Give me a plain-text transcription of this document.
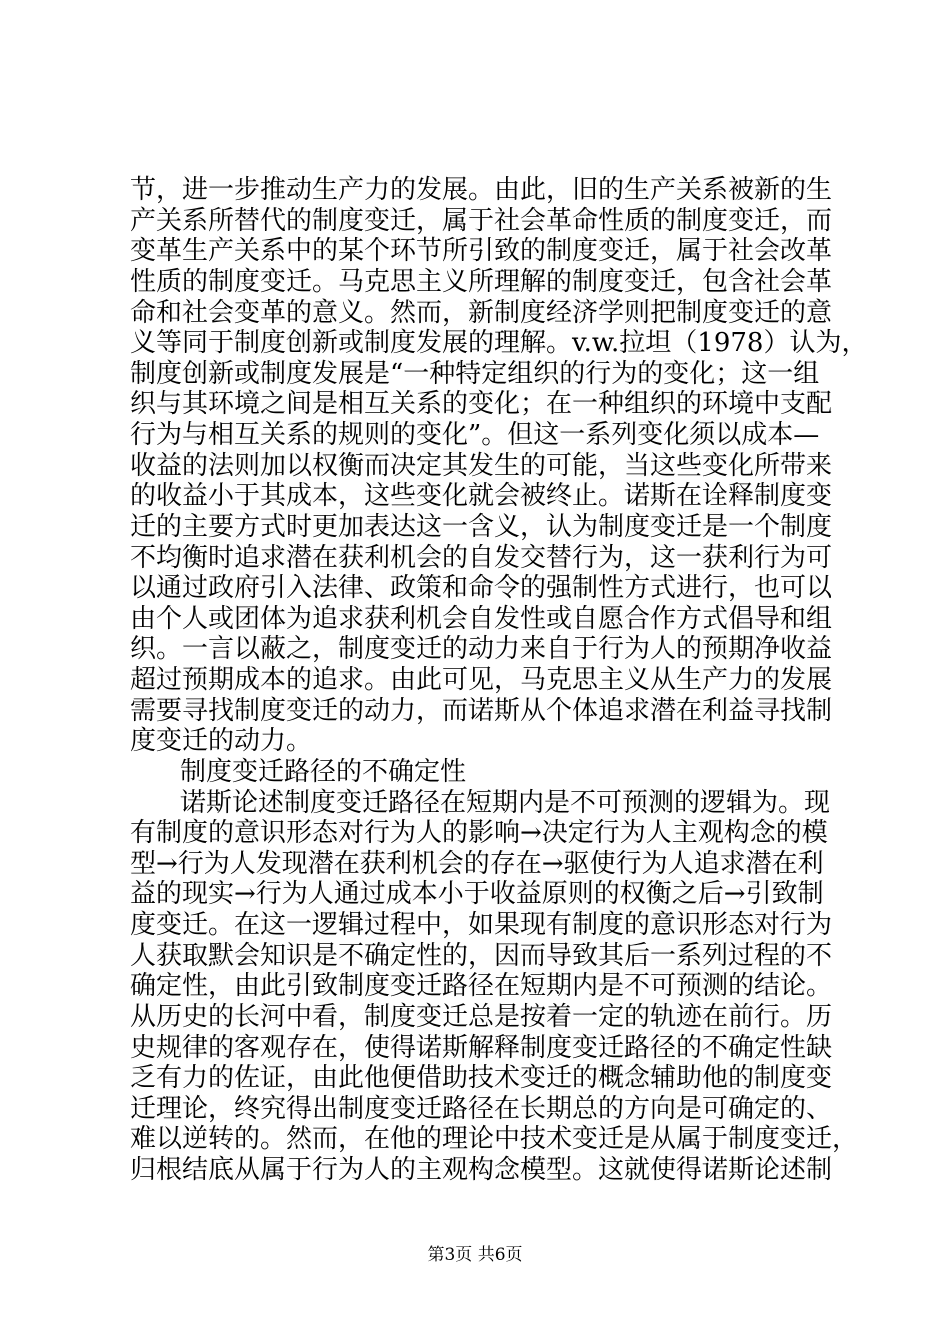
节，进一步推动生产力的发展。由此，旧的生产关系被新的生
产关系所替代的制度变迁，属于社会革命性质的制度变迁，而
变革生产关系中的某个环节所引致的制度变迁，属于社会改革
性质的制度变迁。马克思主义所理解的制度变迁，包含社会革
命和社会变革的意义。然而，新制度经济学则把制度变迁的意
义等同于制度创新或制度发展的理解。v.w.拉坦（1978）认为，
制度创新或制度发展是“一种特定组织的行为的变化；这一组
织与其环境之间是相互关系的变化；在一种组织的环境中支配
行为与相互关系的规则的变化”。但这一系列变化须以成本—
收益的法则加以权衡而决定其发生的可能，当这些变化所带来
的收益小于其成本，这些变化就会被终止。诺斯在诠释制度变
迁的主要方式时更加表达这一含义，认为制度变迁是一个制度
不均衡时追求潜在获利机会的自发交替行为，这一获利行为可
以通过政府引入法律、政策和命令的强制性方式进行，也可以
由个人或团体为追求获利机会自发性或自愿合作方式倡导和组
织。一言以蔽之，制度变迁的动力来自于行为人的预期净收益
超过预期成本的追求。由此可见，马克思主义从生产力的发展
需要寻找制度变迁的动力，而诺斯从个体追求潜在利益寻找制
度变迁的动力。
制度变迁路径的不确定性
诺斯论述制度变迁路径在短期内是不可预测的逻辑为。现
有制度的意识形态对行为人的影响→决定行为人主观构念的模
型→行为人发现潜在获利机会的存在→驱使行为人追求潜在利
益的现实→行为人通过成本小于收益原则的权衡之后→引致制
度变迁。在这一逻辑过程中，如果现有制度的意识形态对行为
人获取默会知识是不确定性的，因而导致其后一系列过程的不
确定性，由此引致制度变迁路径在短期内是不可预测的结论。
从历史的长河中看，制度变迁总是按着一定的轨迹在前行。历
史规律的客观存在，使得诺斯解释制度变迁路径的不确定性缺
乏有力的佐证，由此他便借助技术变迁的概念辅助他的制度变
迁理论，终究得出制度变迁路径在长期总的方向是可确定的、
难以逆转的。然而，在他的理论中技术变迁是从属于制度变迁，
归根结底从属于行为人的主观构念模型。这就使得诺斯论述制
第3页 共6页
